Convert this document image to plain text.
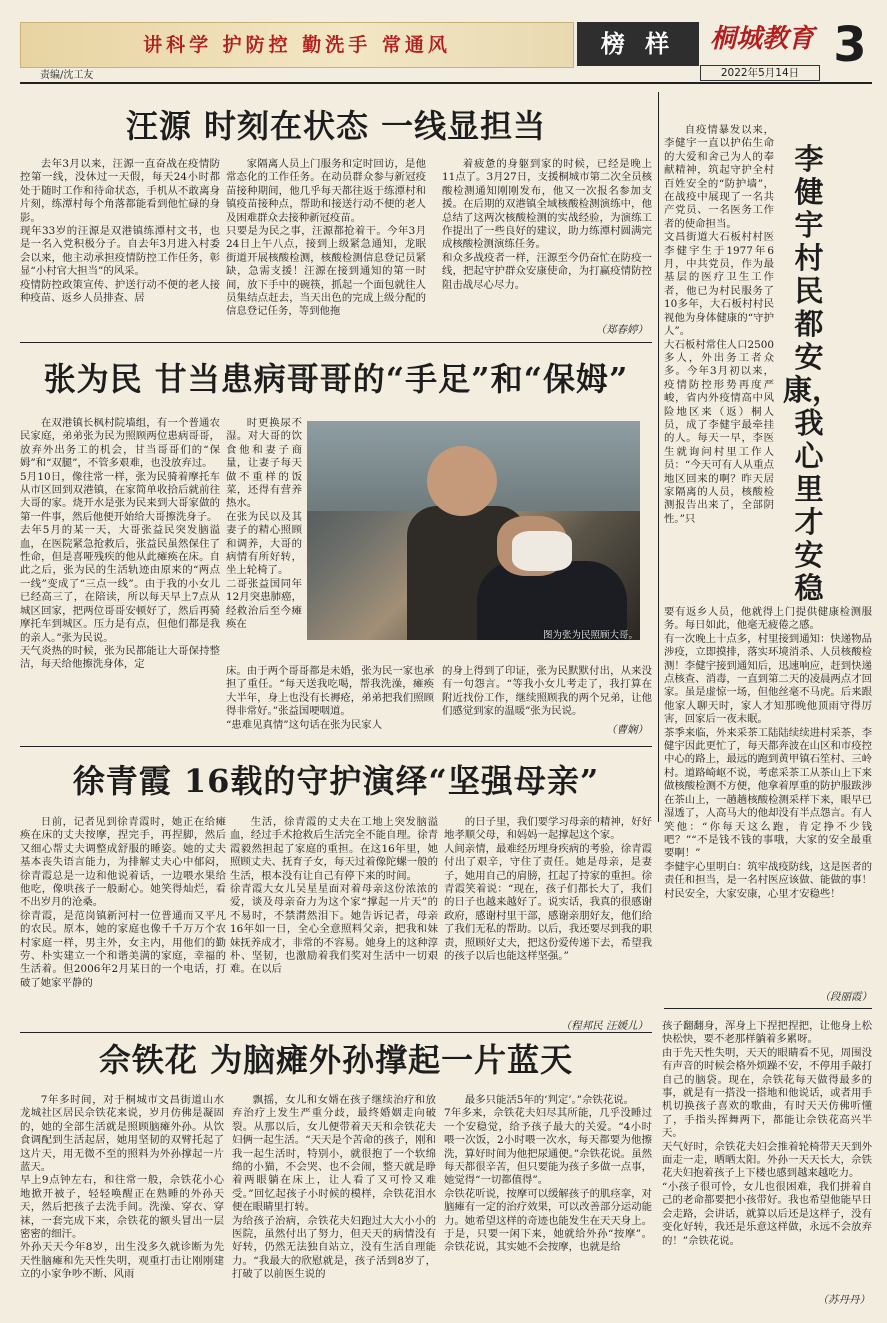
讲科学 护防控 勤洗手 常通风	榜 样	桐城教育 3
2022年5月14日
责编/沈工友
汪源 时刻在状态 一线显担当

去年3月以来，汪源一直奋战在疫情防控第一线，没休过一天假，每天24小时都处于随时工作和待命状态，手机从不敢离身片刻，练潭村每个角落都能看到他忙碌的身影。
现年33岁的汪源是双港镇练潭村文书，也是一名入党积极分子。自去年3月进入村委会以来，他主动承担疫情防控工作任务，彰显“小村官大担当”的风采。
疫情防控政策宣传、护送行动不便的老人接种疫苗、返乡人员排查、居

家隔离人员上门服务和定时回访，是他常态化的工作任务。在动员群众参与新冠疫苗接种期间，他几乎每天都往返于练潭村和镇疫苗接种点，帮助和接送行动不便的老人及困难群众去接种新冠疫苗。
只要是为民之事，汪源都抢着干。今年3月24日上午八点，接到上级紧急通知，龙眠街道开展核酸检测，核酸检测信息登记员紧缺，急需支援！汪源在接到通知的第一时间，放下手中的碗筷，抓起一个面包就往人员集结点赶去，当天出色的完成上级分配的信息登记任务，等到他拖

着疲惫的身躯到家的时候，已经是晚上11点了。3月27日，支援桐城市第二次全员核酸检测通知刚刚发布，他又一次报名参加支援。在后期的双港镇全域核酸检测演练中，他总结了这两次核酸检测的实战经验，为演练工作提出了一些良好的建议，助力练潭村圆满完成核酸检测演练任务。
和众多战疫者一样，汪源至今仍奋忙在防疫一线，把起守护群众安康使命，为打赢疫情防控阻击战尽心尽力。

（郑春婷）
张为民 甘当患病哥哥的“手足”和“保姆”

在双港镇长枫村院墙组，有一个普通农民家庭，弟弟张为民为照顾两位患病哥哥，放弃外出务工的机会，甘当哥哥们的“保姆”和“双腿”，不管多艰难，也没放弃过。
5月10日，像往常一样，张为民骑着摩托车从市区回到双港镇，在家简单收拾后就前往大哥的家。烧开水是张为民来到大哥家做的第一件事，然后他便开始给大哥擦洗身子。
去年5月的某一天，大哥张益民突发脑溢血，在医院紧急抢救后，张益民虽然保住了性命，但是喜哑残疾的他从此瘫痪在床。自此之后，张为民的生活轨迹由原来的“两点一线”变成了“三点一线”。由于我的小女儿已经高三了，在陪读，所以每天早上7点从城区回家，把两位哥哥安顿好了，然后再骑摩托车到城区。压力是有点，但他们都是我的亲人。”张为民说。
天气炎热的时候，张为民都能让大哥保持整洁，每天给他擦洗身体，定

时更换尿不湿。对大哥的饮食他和妻子商量，让妻子每天做不重样的饭菜，还得有营养热水。
在张为民以及其妻子的精心照顾和调养，大哥的病情有所好转，坐上轮椅了。
二哥张益国同年12月突患肺癌，经救治后至今瘫痪在

图为张为民照顾大哥。

床。由于两个哥哥都是未婚，张为民一家也承担了重任。“每天送我吃喝，帮我洗澡，瘫痪大半年，身上也没有长褥疮，弟弟把我们照顾得非常好。”张益国哽咽道。
“患难见真情”这句话在张为民家人

的身上得到了印证，张为民默默付出，从来没有一句怨言。“等我小女儿考走了，我打算在附近找份工作，继续照顾我的两个兄弟，让他们感觉到家的温暖”张为民说。

（曹娴）
徐青霞 16载的守护演绎“坚强母亲”

日前，记者见到徐青霞时，她正在给瘫痪在床的丈夫按摩，捏完手，再捏脚，然后又细心帮丈夫调整成舒服的睡姿。她的丈夫基本丧失语言能力，为排解丈夫心中郁闷，徐青霞总是一边和他说着话，一边喂水果给他吃，像哄孩子一般耐心。她笑得灿烂，看不出岁月的沧桑。
徐青霞，是范岗镇新河村一位普通而又平凡的农民。原本，她的家庭也像千千万万个农村家庭一样，男主外，女主内，用他们的勤劳、朴实建立一个和谐美满的家庭，幸福的生活着。但2006年2月某日的一个电话，打破了她家平静的

生活，徐青霞的丈夫在工地上突发脑溢血，经过手术抢救后生活完全不能自理。徐青霞毅然担起了家庭的重担。在这16年里，她照顾丈夫、抚育子女，每天过着像陀螺一般的生活，根本没有让自己有停下来的时间。
徐青霞大女儿吴星星面对着母亲这份浓浓的爱，谈及母亲奋力为这个家“撑起一片天”的不易时，不禁潸然泪下。她告诉记者，母亲16年如一日，全心全意照料父亲，把我和妹妹抚养成才，非常的不容易。她身上的这种淳朴、坚韧，也激励着我们奖对生活中一切艰难。在以后

的日子里，我们要学习母亲的精神，好好地孝顺父母，和妈妈一起撑起这个家。
人间亲情，最难经历埋身疾病的考验，徐青霞付出了艰辛，守住了责任。她是母亲，是妻子，她用自己的肩膀，扛起了持家的重担。徐青霞笑着说：“现在，孩子们都长大了，我们的日子也越来越好了。说实话，我真的很感谢政府，感谢村里干部，感谢亲朋好友，他们给了我们无私的帮助。以后，我还要尽到我的职责，照顾好丈夫，把这份爱传递下去，希望我的孩子以后也能这样坚强。”

（程邦民 汪媛儿）
李健宇 村民都安康，我心里才安稳

自疫情暴发以来，李健宇一直以护佑生命的大爱和舍己为人的奉献精神，筑起守护全村百姓安全的“防护墙”，在战疫中展现了一名共产党员、一名医务工作者的使命担当。
文昌街道大石板村村医李健宇生于1977年6月，中共党员，作为最基层的医疗卫生工作者，他已为村民服务了10多年，大石板村村民视他为身体健康的“守护人”。
大石板村常住人口2500多人，外出务工者众多。今年3月初以来，疫情防控形势再度严峻，省内外疫情高中风险地区来（返）桐人员，成了李健宇最牵挂的人。每天一早，李医生就询问村里工作人员：“今天可有人从重点地区回来的啊？昨天居家隔离的人员，核酸检测报告出来了，全部阴性。”只

要有返乡人员，他就得上门提供健康检测服务。每日如此，他毫无疲倦之感。
有一次晚上十点多，村里接到通知：快递物品涉疫，立即摸排，落实环境消杀、人员核酸检测！李健宇接到通知后，迅速响应，赶到快递点核查、消毒，一直到第二天的凌晨两点才回家。虽是虚惊一场，但他丝毫不马虎。后来跟他家人聊天时，家人才知那晚他顶雨守得厉害，回家后一夜未眠。
茶季来临，外来采茶工陆陆续续进村采茶，李健宇因此更忙了，每天都奔波在山区和市疫控中心的路上，最远的跑到黄甲镇石笙村、三岭村。道路崎岖不说，考虑采茶工从茶山上下来做核酸检测不方便，他拿着厚重的防护服跋涉在茶山上，一趟趟核酸检测采样下来，眼早已湿透了，人高马大的他却没有半点怨言。有人笑他：“你每天这么跑，肯定挣不少钱吧？”“不是钱不钱的事哦，大家的安全最重要啊！”
李健宇心里明白：筑牢战疫防线，这是医者的责任和担当，是一名村医应该做、能做的事！村民安全，大家安康，心里才安稳些！

（段丽霞）
佘铁花 为脑瘫外孙撑起一片蓝天

7年多时间，对于桐城市文昌街道山水龙城社区居民佘铁花来说，岁月仿佛是凝固的，她的全部生活就是照顾脑瘫外孙。从饮食调配到生活起居，她用坚韧的双臂托起了这片天，用无微不至的照料为外孙撑起一片蓝天。
早上9点钟左右，和往常一般，佘铁花小心地掀开被子，轻轻唤醒正在熟睡的外孙天天，然后把孩子去洗手间。洗澡、穿衣、穿袜，一套完成下来，佘铁花的额头冒出一层密密的细汗。
外孙天天今年8岁，出生没多久就诊断为先天性脑瘫和先天性失明，观重打击让刚刚建立的小家争吵不断、风雨

飘摇，女儿和女婿在孩子继续治疗和放弃治疗上发生严重分歧，最终婚姻走向破裂。从那以后，女儿便带着天天和佘铁花夫妇俩一起生活。“天天是个苦命的孩子，刚和我一起生活时，特别小，就很抱了一个软绵绵的小猫，不会哭、也不会闹，整天就是睁着两眼躺在床上，让人看了又可怜又难受。”回忆起孩子小时候的模样，佘铁花泪水便在眼睛里打转。
为给孩子治病，佘铁花夫妇跑过大大小小的医院，虽然付出了努力，但天天的病情没有好转，仍然无法独自站立，没有生活自理能力。“我最大的欣慰就是，孩子活到8岁了，打破了以前医生说的

最多只能活5年的‘判定’。”佘铁花说。
7年多来，佘铁花夫妇尽其所能，几乎没睡过一个安稳觉，给予孩子最大的关爱。“4小时喂一次饭，2小时喂一次水，每天都要为他擦洗，算好时间为他把尿通便。”佘铁花说。虽然每天都很辛苦，但只要能为孩子多做一点事，她觉得“一切都值得”。
佘铁花听说，按摩可以缓解孩子的肌痉挛，对脑瘫有一定的治疗效果，可以改善部分运动能力。她希望这样的奇迹也能发生在天天身上。于是，只要一闲下来，她就给外孙“按摩”。佘铁花说，其实她不会按摩，也就是给

孩子翻翻身，浑身上下捏把捏把，让他身上松快松快，要不老那样躺着多累呀。
由于先天性失明，天天的眼睛看不见，周围没有声音的时候会格外烦躁不安，不停用手敲打自己的脑袋。现在，佘铁花每天做得最多的事，就是有一搭没一搭地和他说话，或者用手机切换孩子喜欢的歌曲，有时天天仿佛听懂了，手指头挥舞两下，都能让佘铁花高兴半天。
天气好时，佘铁花夫妇会推着轮椅带天天到外面走一走，晒晒太阳。外孙一天天长大，佘铁花夫妇抱着孩子上下楼也感到越来越吃力。
“小孩子很可怜，女儿也很困难，我们拼着自己的老命都要把小孩带好。我也希望他能早日会走路，会讲话，就算以后还是这样子，没有变化好转，我还是乐意这样做，永远不会放弃的！”佘铁花说。

（苏丹丹）
